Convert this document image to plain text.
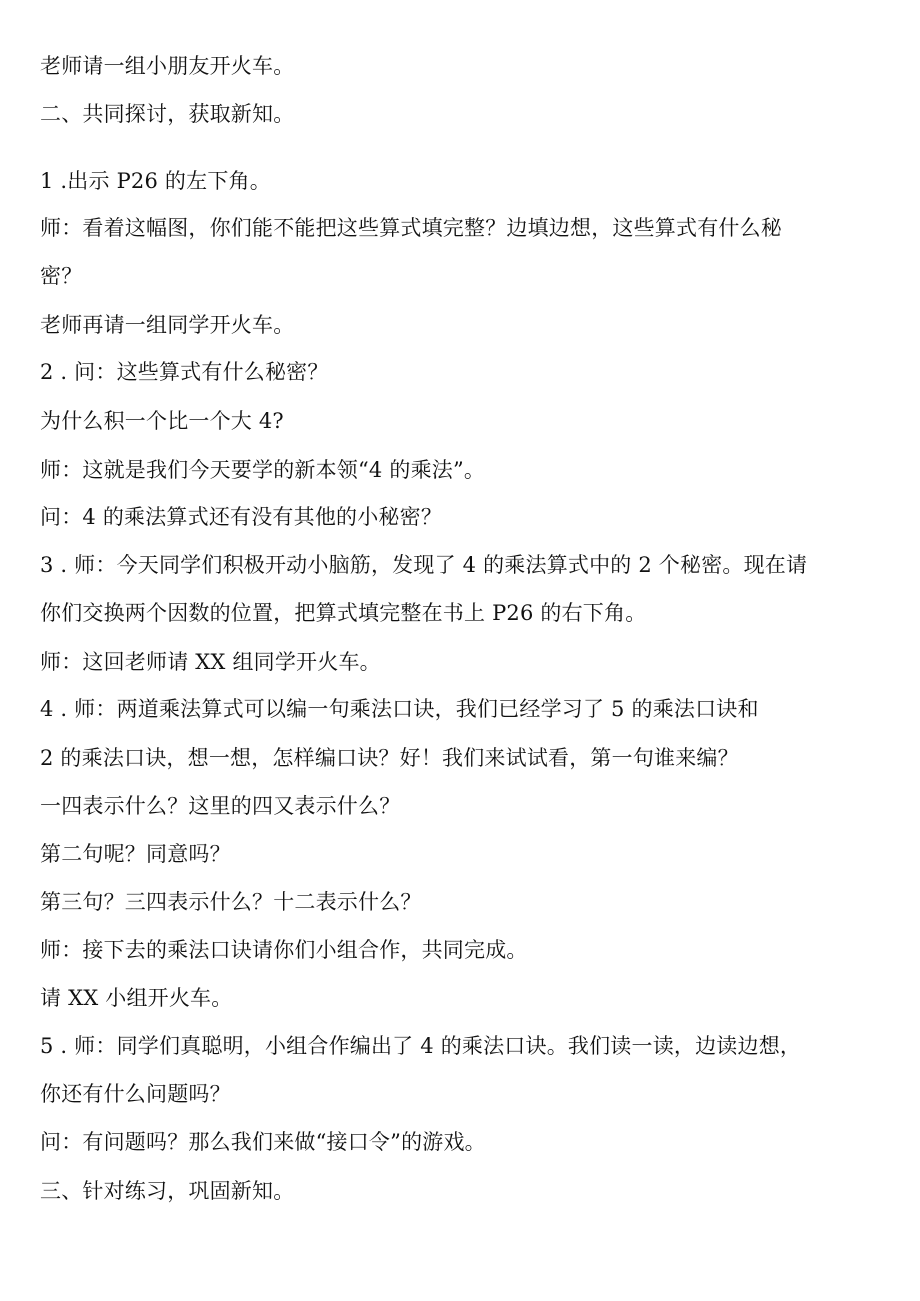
老师请一组小朋友开火车。
二、共同探讨，获取新知。
1 .出示 P26 的左下角。
师：看着这幅图，你们能不能把这些算式填完整？边填边想，这些算式有什么秘
密？
老师再请一组同学开火车。
2 . 问：这些算式有什么秘密？
为什么积一个比一个大 4?
师：这就是我们今天要学的新本领“4 的乘法”。
问：4 的乘法算式还有没有其他的小秘密？
3 . 师：今天同学们积极开动小脑筋，发现了 4 的乘法算式中的 2 个秘密。现在请
你们交换两个因数的位置，把算式填完整在书上 P26 的右下角。
师：这回老师请 XX 组同学开火车。
4 . 师：两道乘法算式可以编一句乘法口诀，我们已经学习了 5 的乘法口诀和
2 的乘法口诀，想一想，怎样编口诀？好！我们来试试看，第一句谁来编？
一四表示什么？这里的四又表示什么？
第二句呢？同意吗？
第三句？三四表示什么？十二表示什么？
师：接下去的乘法口诀请你们小组合作，共同完成。
请 XX 小组开火车。
5 . 师：同学们真聪明，小组合作编出了 4 的乘法口诀。我们读一读，边读边想，
你还有什么问题吗？
问：有问题吗？那么我们来做“接口令”的游戏。
三、针对练习，巩固新知。
